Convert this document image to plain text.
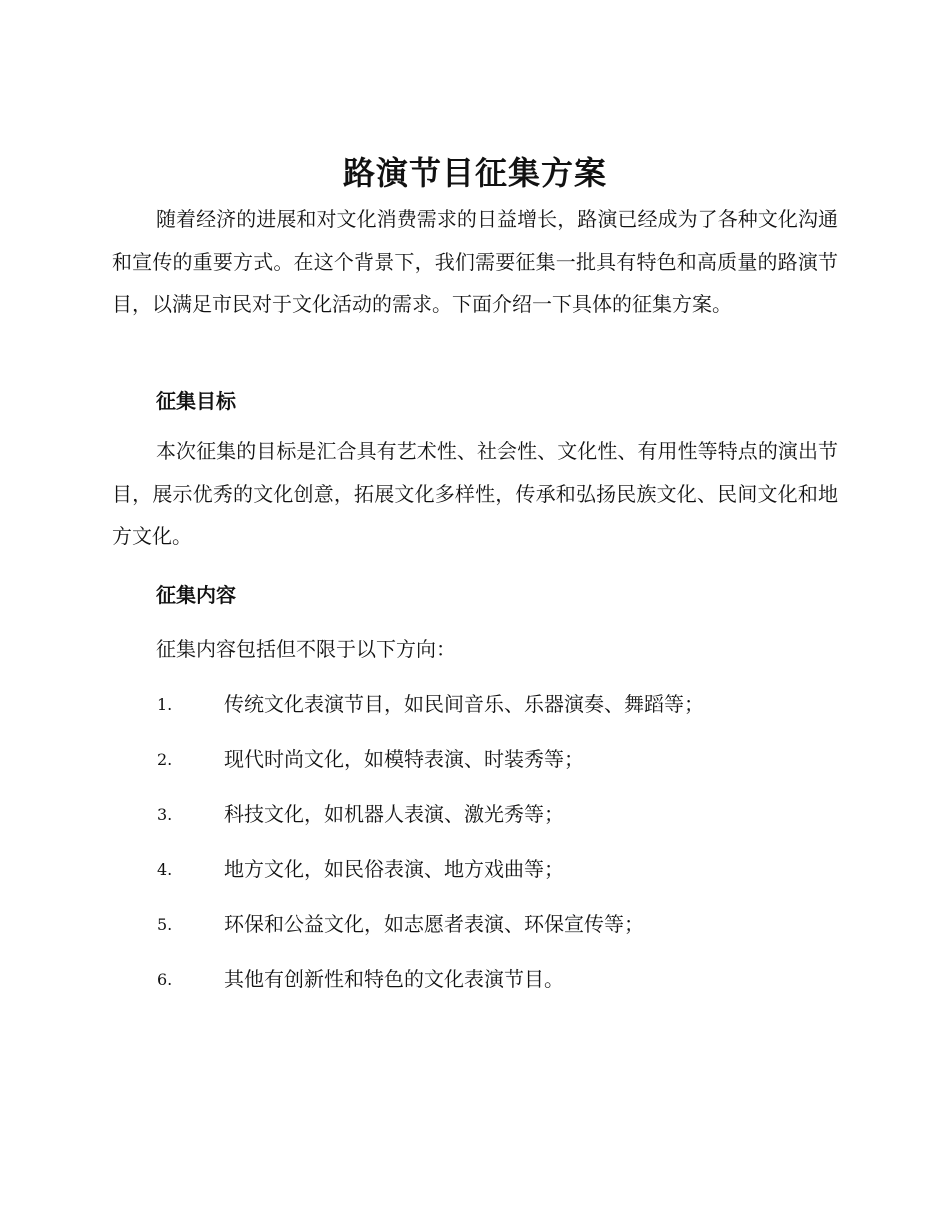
路演节目征集方案

随着经济的进展和对文化消费需求的日益增长，路演已经成为了各种文化沟通和宣传的重要方式。在这个背景下，我们需要征集一批具有特色和高质量的路演节目，以满足市民对于文化活动的需求。下面介绍一下具体的征集方案。

征集目标

本次征集的目标是汇合具有艺术性、社会性、文化性、有用性等特点的演出节目，展示优秀的文化创意，拓展文化多样性，传承和弘扬民族文化、民间文化和地方文化。

征集内容
征集内容包括但不限于以下方向：
1.	传统文化表演节目，如民间音乐、乐器演奏、舞蹈等；
2.	现代时尚文化，如模特表演、时装秀等；
3.	科技文化，如机器人表演、激光秀等；
4.	地方文化，如民俗表演、地方戏曲等；
5.	环保和公益文化，如志愿者表演、环保宣传等；
6.	其他有创新性和特色的文化表演节目。
